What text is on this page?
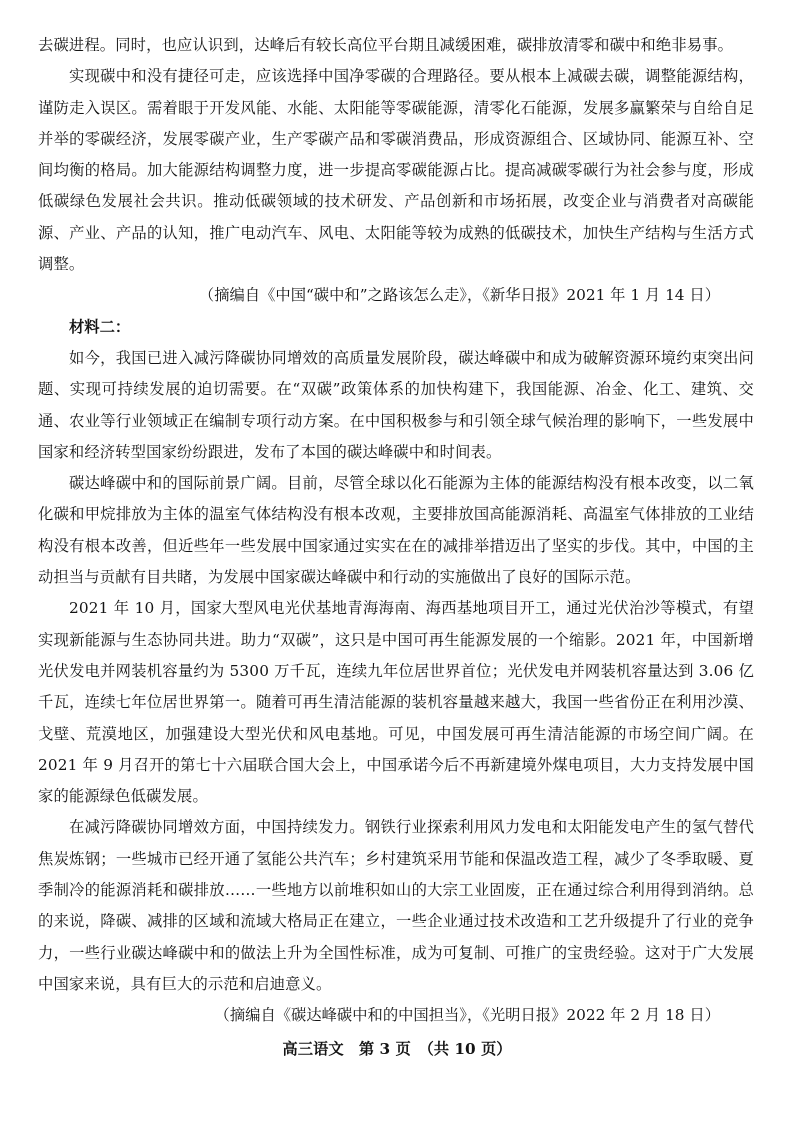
去碳进程。同时，也应认识到，达峰后有较长高位平台期且减缓困难，碳排放清零和碳中和绝非易事。

实现碳中和没有捷径可走，应该选择中国净零碳的合理路径。要从根本上减碳去碳，调整能源结构，谨防走入误区。需着眼于开发风能、水能、太阳能等零碳能源，清零化石能源，发展多赢繁荣与自给自足并举的零碳经济，发展零碳产业，生产零碳产品和零碳消费品，形成资源组合、区域协同、能源互补、空间均衡的格局。加大能源结构调整力度，进一步提高零碳能源占比。提高减碳零碳行为社会参与度，形成低碳绿色发展社会共识。推动低碳领域的技术研发、产品创新和市场拓展，改变企业与消费者对高碳能源、产业、产品的认知，推广电动汽车、风电、太阳能等较为成熟的低碳技术，加快生产结构与生活方式调整。

（摘编自《中国“碳中和”之路该怎么走》，《新华日报》2021 年 1 月 14 日）

材料二：

如今，我国已进入减污降碳协同增效的高质量发展阶段，碳达峰碳中和成为破解资源环境约束突出问题、实现可持续发展的迫切需要。在“双碳”政策体系的加快构建下，我国能源、冶金、化工、建筑、交通、农业等行业领域正在编制专项行动方案。在中国积极参与和引领全球气候治理的影响下，一些发展中国家和经济转型国家纷纷跟进，发布了本国的碳达峰碳中和时间表。

碳达峰碳中和的国际前景广阔。目前，尽管全球以化石能源为主体的能源结构没有根本改变，以二氧化碳和甲烷排放为主体的温室气体结构没有根本改观，主要排放国高能源消耗、高温室气体排放的工业结构没有根本改善，但近些年一些发展中国家通过实实在在的减排举措迈出了坚实的步伐。其中，中国的主动担当与贡献有目共睹，为发展中国家碳达峰碳中和行动的实施做出了良好的国际示范。

2021 年 10 月，国家大型风电光伏基地青海海南、海西基地项目开工，通过光伏治沙等模式，有望实现新能源与生态协同共进。助力“双碳”，这只是中国可再生能源发展的一个缩影。2021 年，中国新增光伏发电并网装机容量约为 5300 万千瓦，连续九年位居世界首位；光伏发电并网装机容量达到 3.06 亿千瓦，连续七年位居世界第一。随着可再生清洁能源的装机容量越来越大，我国一些省份正在利用沙漠、戈壁、荒漠地区，加强建设大型光伏和风电基地。可见，中国发展可再生清洁能源的市场空间广阔。在 2021 年 9 月召开的第七十六届联合国大会上，中国承诺今后不再新建境外煤电项目，大力支持发展中国家的能源绿色低碳发展。

在减污降碳协同增效方面，中国持续发力。钢铁行业探索利用风力发电和太阳能发电产生的氢气替代焦炭炼钢；一些城市已经开通了氢能公共汽车；乡村建筑采用节能和保温改造工程，减少了冬季取暖、夏季制冷的能源消耗和碳排放……一些地方以前堆积如山的大宗工业固废，正在通过综合利用得到消纳。总的来说，降碳、减排的区域和流域大格局正在建立，一些企业通过技术改造和工艺升级提升了行业的竞争力，一些行业碳达峰碳中和的做法上升为全国性标准，成为可复制、可推广的宝贵经验。这对于广大发展中国家来说，具有巨大的示范和启迪意义。

（摘编自《碳达峰碳中和的中国担当》，《光明日报》2022 年 2 月 18 日）

高三语文　第 3 页　（共 10 页）
